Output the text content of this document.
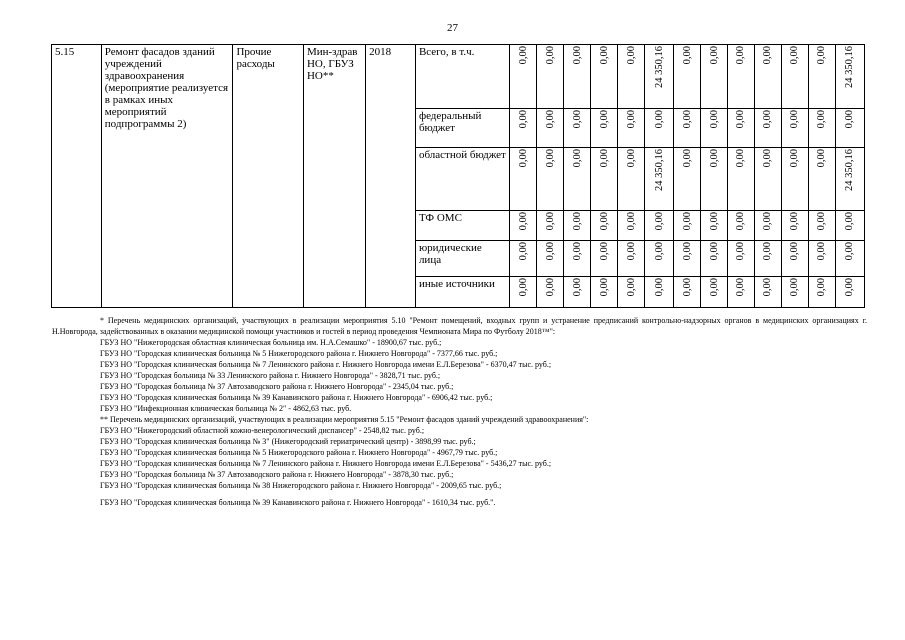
27
5.15	Ремонт фасадов зданий учреждений здравоохранения (мероприятие реализуется в рамках иных мероприятий подпрограммы 2)	Прочие расходы	Мин-здрав НО, ГБУЗ НО**	2018	Всего, в т.ч.	0,00	0,00	0,00	0,00	0,00	24 350,16	0,00	0,00	0,00	0,00	0,00	0,00	24 350,16
					федеральный бюджет	0,00	0,00	0,00	0,00	0,00	0,00	0,00	0,00	0,00	0,00	0,00	0,00	0,00
					областной бюджет	0,00	0,00	0,00	0,00	0,00	24 350,16	0,00	0,00	0,00	0,00	0,00	0,00	24 350,16
					ТФ ОМС	0,00	0,00	0,00	0,00	0,00	0,00	0,00	0,00	0,00	0,00	0,00	0,00	0,00
					юридические лица	0,00	0,00	0,00	0,00	0,00	0,00	0,00	0,00	0,00	0,00	0,00	0,00	0,00
					иные источники	0,00	0,00	0,00	0,00	0,00	0,00	0,00	0,00	0,00	0,00	0,00	0,00	0,00

* Перечень медицинских организаций, участвующих в реализации мероприятия 5.10 "Ремонт помещений, входных групп и устранение предписаний контрольно-надзорных органов в медицинских организациях г. Н.Новгорода, задействованных в оказании медицинской помощи участников и гостей в период проведения Чемпионата Мира по Футболу 2018™":

ГБУЗ НО "Нижегородская областная клиническая больница им. Н.А.Семашко" - 18900,67 тыс. руб.;

ГБУЗ НО "Городская клиническая больница № 5 Нижегородского района г. Нижнего Новгорода" - 7377,66 тыс. руб.;

ГБУЗ НО "Городская клиническая больница № 7 Ленинского района г. Нижнего Новгорода имени Е.Л.Березова" - 6370,47 тыс. руб.;

ГБУЗ НО "Городская больница № 33 Ленинского района г. Нижнего Новгорода" - 3828,71 тыс. руб.;

ГБУЗ НО "Городская больница № 37 Автозаводского района г. Нижнего Новгорода" - 2345,04 тыс. руб.;

ГБУЗ НО "Городская клиническая больница № 39 Канавинского района г. Нижнего Новгорода" - 6906,42 тыс. руб.;

ГБУЗ НО "Инфекционная клиническая больница № 2" - 4862,63 тыс. руб.

** Перечень медицинских организаций, участвующих в реализации мероприятия 5.15 "Ремонт фасадов зданий учреждений здравоохранения":

ГБУЗ НО "Нижегородский областной кожно-венерологический диспансер" - 2548,82 тыс. руб.;

ГБУЗ НО "Городская клиническая больница № 3" (Нижегородский гериатрический центр) - 3898,99 тыс. руб.;

ГБУЗ НО "Городская клиническая больница № 5 Нижегородского района г. Нижнего Новгорода" - 4967,79 тыс. руб.;

ГБУЗ НО "Городская клиническая больница № 7 Ленинского района г. Нижнего Новгорода имени Е.Л.Березова" - 5436,27 тыс. руб.;

ГБУЗ НО "Городская больница № 37 Автозаводского района г. Нижнего Новгорода" - 3878,30 тыс. руб.;

ГБУЗ НО "Городская клиническая больница № 38 Нижегородского района г. Нижнего Новгорода" - 2009,65 тыс. руб.;

ГБУЗ НО "Городская клиническая больница № 39 Канавинского района г. Нижнего Новгорода" - 1610,34 тыс. руб.".
